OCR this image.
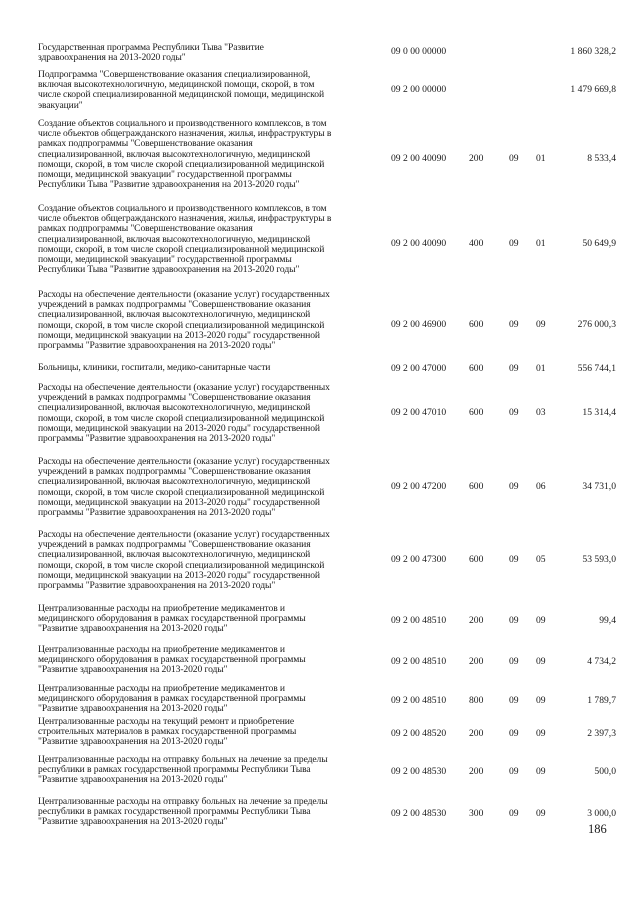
Государственная программа Республики Тыва "Развитие
здравоохранения на 2013-2020 годы"
09 0 00 00000	1 860 328,2
Подпрограмма "Совершенствование оказания специализированной,
включая высокотехнологичную, медицинской помощи, скорой, в том
числе скорой специализированной медицинской помощи, медицинской
эвакуации"
09 2 00 00000	1 479 669,8
Создание объектов социального и производственного комплексов, в том
числе объектов общегражданского назначения, жилья, инфраструктуры в
рамках подпрограммы "Совершенствование оказания
специализированной, включая высокотехнологичную, медицинской
помощи, скорой, в том числе скорой специализированной медицинской
помощи, медицинской эвакуации" государственной программы
Республики Тыва "Развитие здравоохранения на 2013-2020 годы"
09 2 00 40090	200	09	01	8 533,4
Создание объектов социального и производственного комплексов, в том
числе объектов общегражданского назначения, жилья, инфраструктуры в
рамках подпрограммы "Совершенствование оказания
специализированной, включая высокотехнологичную, медицинской
помощи, скорой, в том числе скорой специализированной медицинской
помощи, медицинской эвакуации" государственной программы
Республики Тыва "Развитие здравоохранения на 2013-2020 годы"
09 2 00 40090	400	09	01	50 649,9
Расходы на обеспечение деятельности (оказание услуг) государственных
учреждений в рамках подпрограммы "Совершенствование оказания
специализированной, включая высокотехнологичную, медицинской
помощи, скорой, в том числе скорой специализированной медицинской
помощи, медицинской эвакуации на 2013-2020 годы" государственной
программы "Развитие здравоохранения на 2013-2020 годы"
09 2 00 46900	600	09	09	276 000,3
Больницы, клиники, госпитали, медико-санитарные части	09 2 00 47000	600	09	01	556 744,1
Расходы на обеспечение деятельности (оказание услуг) государственных
учреждений в рамках подпрограммы "Совершенствование оказания
специализированной, включая высокотехнологичную, медицинской
помощи, скорой, в том числе скорой специализированной медицинской
помощи, медицинской эвакуации на 2013-2020 годы" государственной
программы "Развитие здравоохранения на 2013-2020 годы"
09 2 00 47010	600	09	03	15 314,4
Расходы на обеспечение деятельности (оказание услуг) государственных
учреждений в рамках подпрограммы "Совершенствование оказания
специализированной, включая высокотехнологичную, медицинской
помощи, скорой, в том числе скорой специализированной медицинской
помощи, медицинской эвакуации на 2013-2020 годы" государственной
программы "Развитие здравоохранения на 2013-2020 годы"
09 2 00 47200	600	09	06	34 731,0
Расходы на обеспечение деятельности (оказание услуг) государственных
учреждений в рамках подпрограммы "Совершенствование оказания
специализированной, включая высокотехнологичную, медицинской
помощи, скорой, в том числе скорой специализированной медицинской
помощи, медицинской эвакуации на 2013-2020 годы" государственной
программы "Развитие здравоохранения на 2013-2020 годы"
09 2 00 47300	600	09	05	53 593,0
Централизованные расходы на приобретение медикаментов и
медицинского оборудования в рамках государственной программы
"Развитие здравоохранения на 2013-2020 годы"
09 2 00 48510	200	09	09	99,4
Централизованные расходы на приобретение медикаментов и
медицинского оборудования в рамках государственной программы
"Развитие здравоохранения на 2013-2020 годы"
09 2 00 48510	200	09	09	4 734,2
Централизованные расходы на приобретение медикаментов и
медицинского оборудования в рамках государственной программы
"Развитие здравоохранения на 2013-2020 годы"
09 2 00 48510	800	09	09	1 789,7
Централизованные расходы на текущий ремонт и приобретение
строительных материалов в рамках государственной программы
"Развитие здравоохранения на 2013-2020 годы"
09 2 00 48520	200	09	09	2 397,3
Централизованные расходы на отправку больных на лечение за пределы
республики в рамках государственной программы Республики Тыва
"Развитие здравоохранения на 2013-2020 годы"
09 2 00 48530	200	09	09	500,0
Централизованные расходы на отправку больных на лечение за пределы
республики в рамках государственной программы Республики Тыва
"Развитие здравоохранения на 2013-2020 годы"
09 2 00 48530	300	09	09	3 000,0
186
